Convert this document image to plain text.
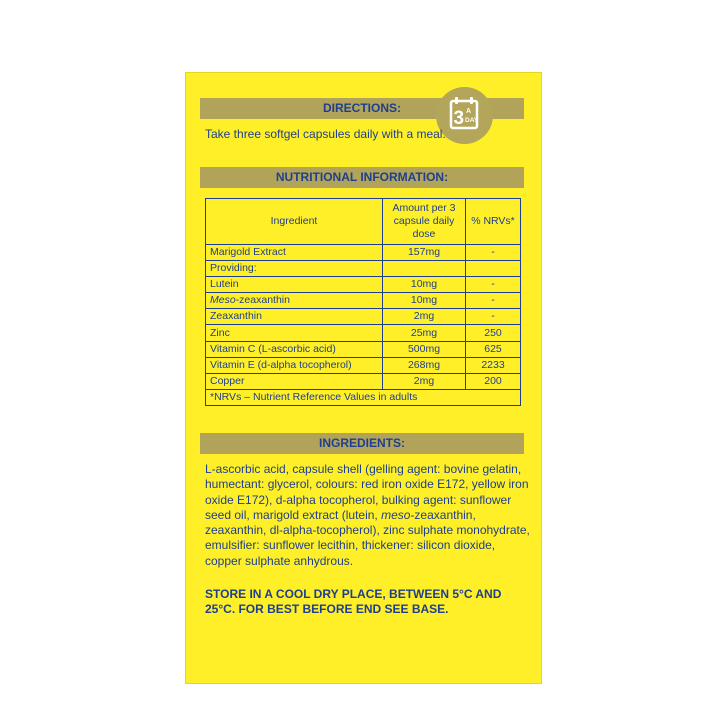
DIRECTIONS:	3 A
DAY
Take three softgel capsules daily with a meal.
NUTRITIONAL INFORMATION:
Ingredient	Amount per 3 capsule daily dose	% NRVs*
Marigold Extract	157mg	-
Providing:		
Lutein	10mg	-
Meso-zeaxanthin	10mg	-
Zeaxanthin	2mg	-
Zinc	25mg	250
Vitamin C (L-ascorbic acid)	500mg	625
Vitamin E (d-alpha tocopherol)	268mg	2233
Copper	2mg	200
*NRVs – Nutrient Reference Values in adults		
INGREDIENTS:
L-ascorbic acid, capsule shell (gelling agent: bovine gelatin, humectant: glycerol, colours: red iron oxide E172, yellow iron oxide E172), d-alpha tocopherol, bulking agent: sunflower seed oil, marigold extract (lutein, meso-zeaxanthin, zeaxanthin, dl-alpha-tocopherol), zinc sulphate monohydrate, emulsifier: sunflower lecithin, thickener: silicon dioxide, copper sulphate anhydrous.
STORE IN A COOL DRY PLACE, BETWEEN 5°C AND 25°C. FOR BEST BEFORE END SEE BASE.
